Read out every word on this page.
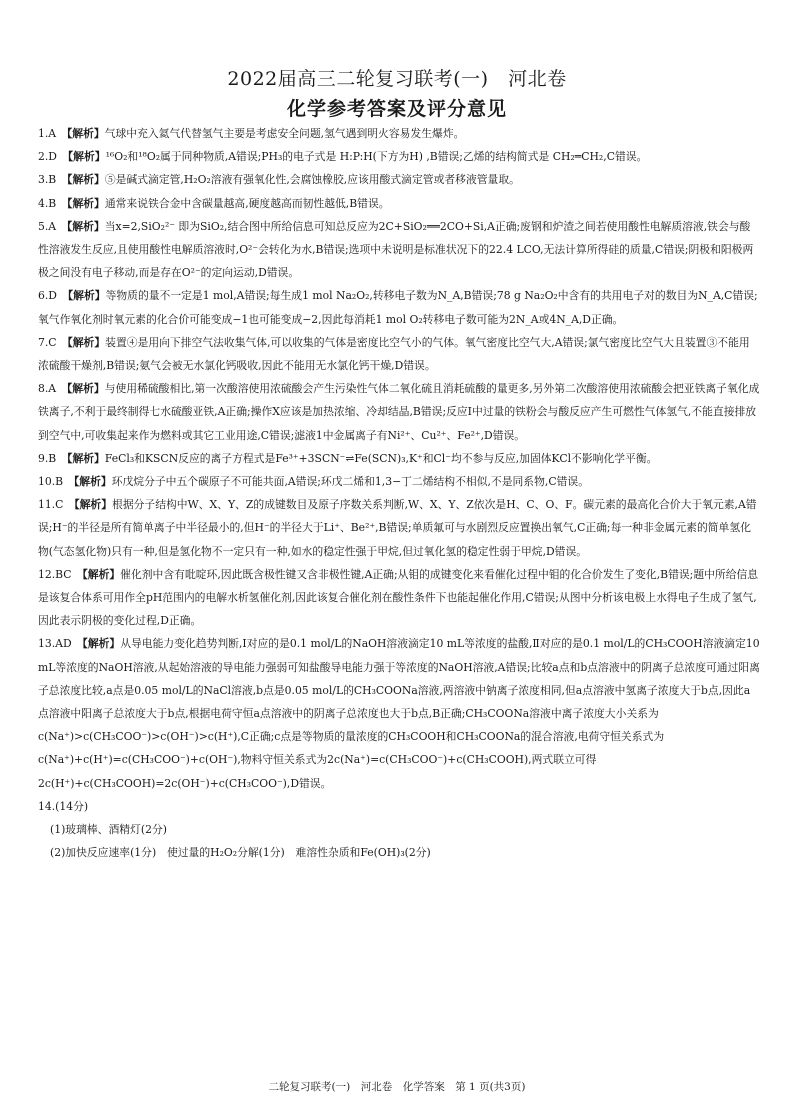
2022届高三二轮复习联考(一)　河北卷
化学参考答案及评分意见

1.A　 【解析】气球中充入氦气代替氢气主要是考虑安全问题,氢气遇到明火容易发生爆炸。

2.D　 【解析】¹⁶O₂和¹⁸O₂属于同种物质,A错误;PH₃的电子式是 H:P:H(下方为H) ,B错误;乙烯的结构简式是 CH₂═CH₂,C错误。

3.B　 【解析】⑤是碱式滴定管,H₂O₂溶液有强氧化性,会腐蚀橡胶,应该用酸式滴定管或者移液管量取。

4.B　 【解析】通常来说铁合金中含碳量越高,硬度越高而韧性越低,B错误。

5.A　 【解析】当x=2,SiO₂²⁻ 即为SiO₂,结合图中所给信息可知总反应为2C+SiO₂══2CO+Si,A正确;废钢和炉渣之间若使用酸性电解质溶液,铁会与酸性溶液发生反应,且使用酸性电解质溶液时,O²⁻会转化为水,B错误;选项中未说明是标准状况下的22.4 LCO,无法计算所得硅的质量,C错误;阴极和阳极两极之间没有电子移动,而是存在O²⁻的定向运动,D错误。

6.D　 【解析】等物质的量不一定是1 mol,A错误;每生成1 mol Na₂O₂,转移电子数为N_A,B错误;78 g Na₂O₂中含有的共用电子对的数目为N_A,C错误;氧气作氧化剂时氧元素的化合价可能变成−1也可能变成−2,因此每消耗1 mol O₂转移电子数可能为2N_A或4N_A,D正确。

7.C　 【解析】装置④是用向下排空气法收集气体,可以收集的气体是密度比空气小的气体。氧气密度比空气大,A错误;氯气密度比空气大且装置③不能用浓硫酸干燥剂,B错误;氨气会被无水氯化钙吸收,因此不能用无水氯化钙干燥,D错误。

8.A　 【解析】与使用稀硫酸相比,第一次酸溶使用浓硫酸会产生污染性气体二氧化硫且消耗硫酸的量更多,另外第二次酸溶使用浓硫酸会把亚铁离子氧化成铁离子,不利于最终制得七水硫酸亚铁,A正确;操作X应该是加热浓缩、冷却结晶,B错误;反应Ⅰ中过量的铁粉会与酸反应产生可燃性气体氢气,不能直接排放到空气中,可收集起来作为燃料或其它工业用途,C错误;滤液1中金属离子有Ni²⁺、Cu²⁺、Fe²⁺,D错误。

9.B　 【解析】FeCl₃和KSCN反应的离子方程式是Fe³⁺+3SCN⁻⇌Fe(SCN)₃,K⁺和Cl⁻均不参与反应,加固体KCl不影响化学平衡。

10.B　 【解析】环戊烷分子中五个碳原子不可能共面,A错误;环戊二烯和1,3−丁二烯结构不相似,不是同系物,C错误。

11.C　 【解析】根据分子结构中W、X、Y、Z的成键数目及原子序数关系判断,W、X、Y、Z依次是H、C、O、F。碳元素的最高化合价大于氧元素,A错误;H⁻的半径是所有简单离子中半径最小的,但H⁻的半径大于Li⁺、Be²⁺,B错误;单质氟可与水剧烈反应置换出氧气,C正确;每一种非金属元素的简单氢化物(气态氢化物)只有一种,但是氢化物不一定只有一种,如水的稳定性强于甲烷,但过氧化氢的稳定性弱于甲烷,D错误。

12.BC　 【解析】催化剂中含有吡啶环,因此既含极性键又含非极性键,A正确;从钼的成键变化来看催化过程中钼的化合价发生了变化,B错误;题中所给信息是该复合体系可用作全pH范围内的电解水析氢催化剂,因此该复合催化剂在酸性条件下也能起催化作用,C错误;从图中分析该电极上水得电子生成了氢气,因此表示阴极的变化过程,D正确。

13.AD　 【解析】从导电能力变化趋势判断,Ⅰ对应的是0.1 mol/L的NaOH溶液滴定10 mL等浓度的盐酸,Ⅱ对应的是0.1 mol/L的CH₃COOH溶液滴定10 mL等浓度的NaOH溶液,从起始溶液的导电能力强弱可知盐酸导电能力强于等浓度的NaOH溶液,A错误;比较a点和b点溶液中的阴离子总浓度可通过阳离子总浓度比较,a点是0.05 mol/L的NaCl溶液,b点是0.05 mol/L的CH₃COONa溶液,两溶液中钠离子浓度相同,但a点溶液中氢离子浓度大于b点,因此a点溶液中阳离子总浓度大于b点,根据电荷守恒a点溶液中的阴离子总浓度也大于b点,B正确;CH₃COONa溶液中离子浓度大小关系为c(Na⁺)>c(CH₃COO⁻)>c(OH⁻)>c(H⁺),C正确;c点是等物质的量浓度的CH₃COOH和CH₃COONa的混合溶液,电荷守恒关系式为c(Na⁺)+c(H⁺)=c(CH₃COO⁻)+c(OH⁻),物料守恒关系式为2c(Na⁺)=c(CH₃COO⁻)+c(CH₃COOH),两式联立可得2c(H⁺)+c(CH₃COOH)=2c(OH⁻)+c(CH₃COO⁻),D错误。

14.(14分)

(1)玻璃棒、酒精灯(2分)

(2)加快反应速率(1分)　使过量的H₂O₂分解(1分)　难溶性杂质和Fe(OH)₃(2分)

二轮复习联考(一)　河北卷　化学答案　第 1 页(共3页)
